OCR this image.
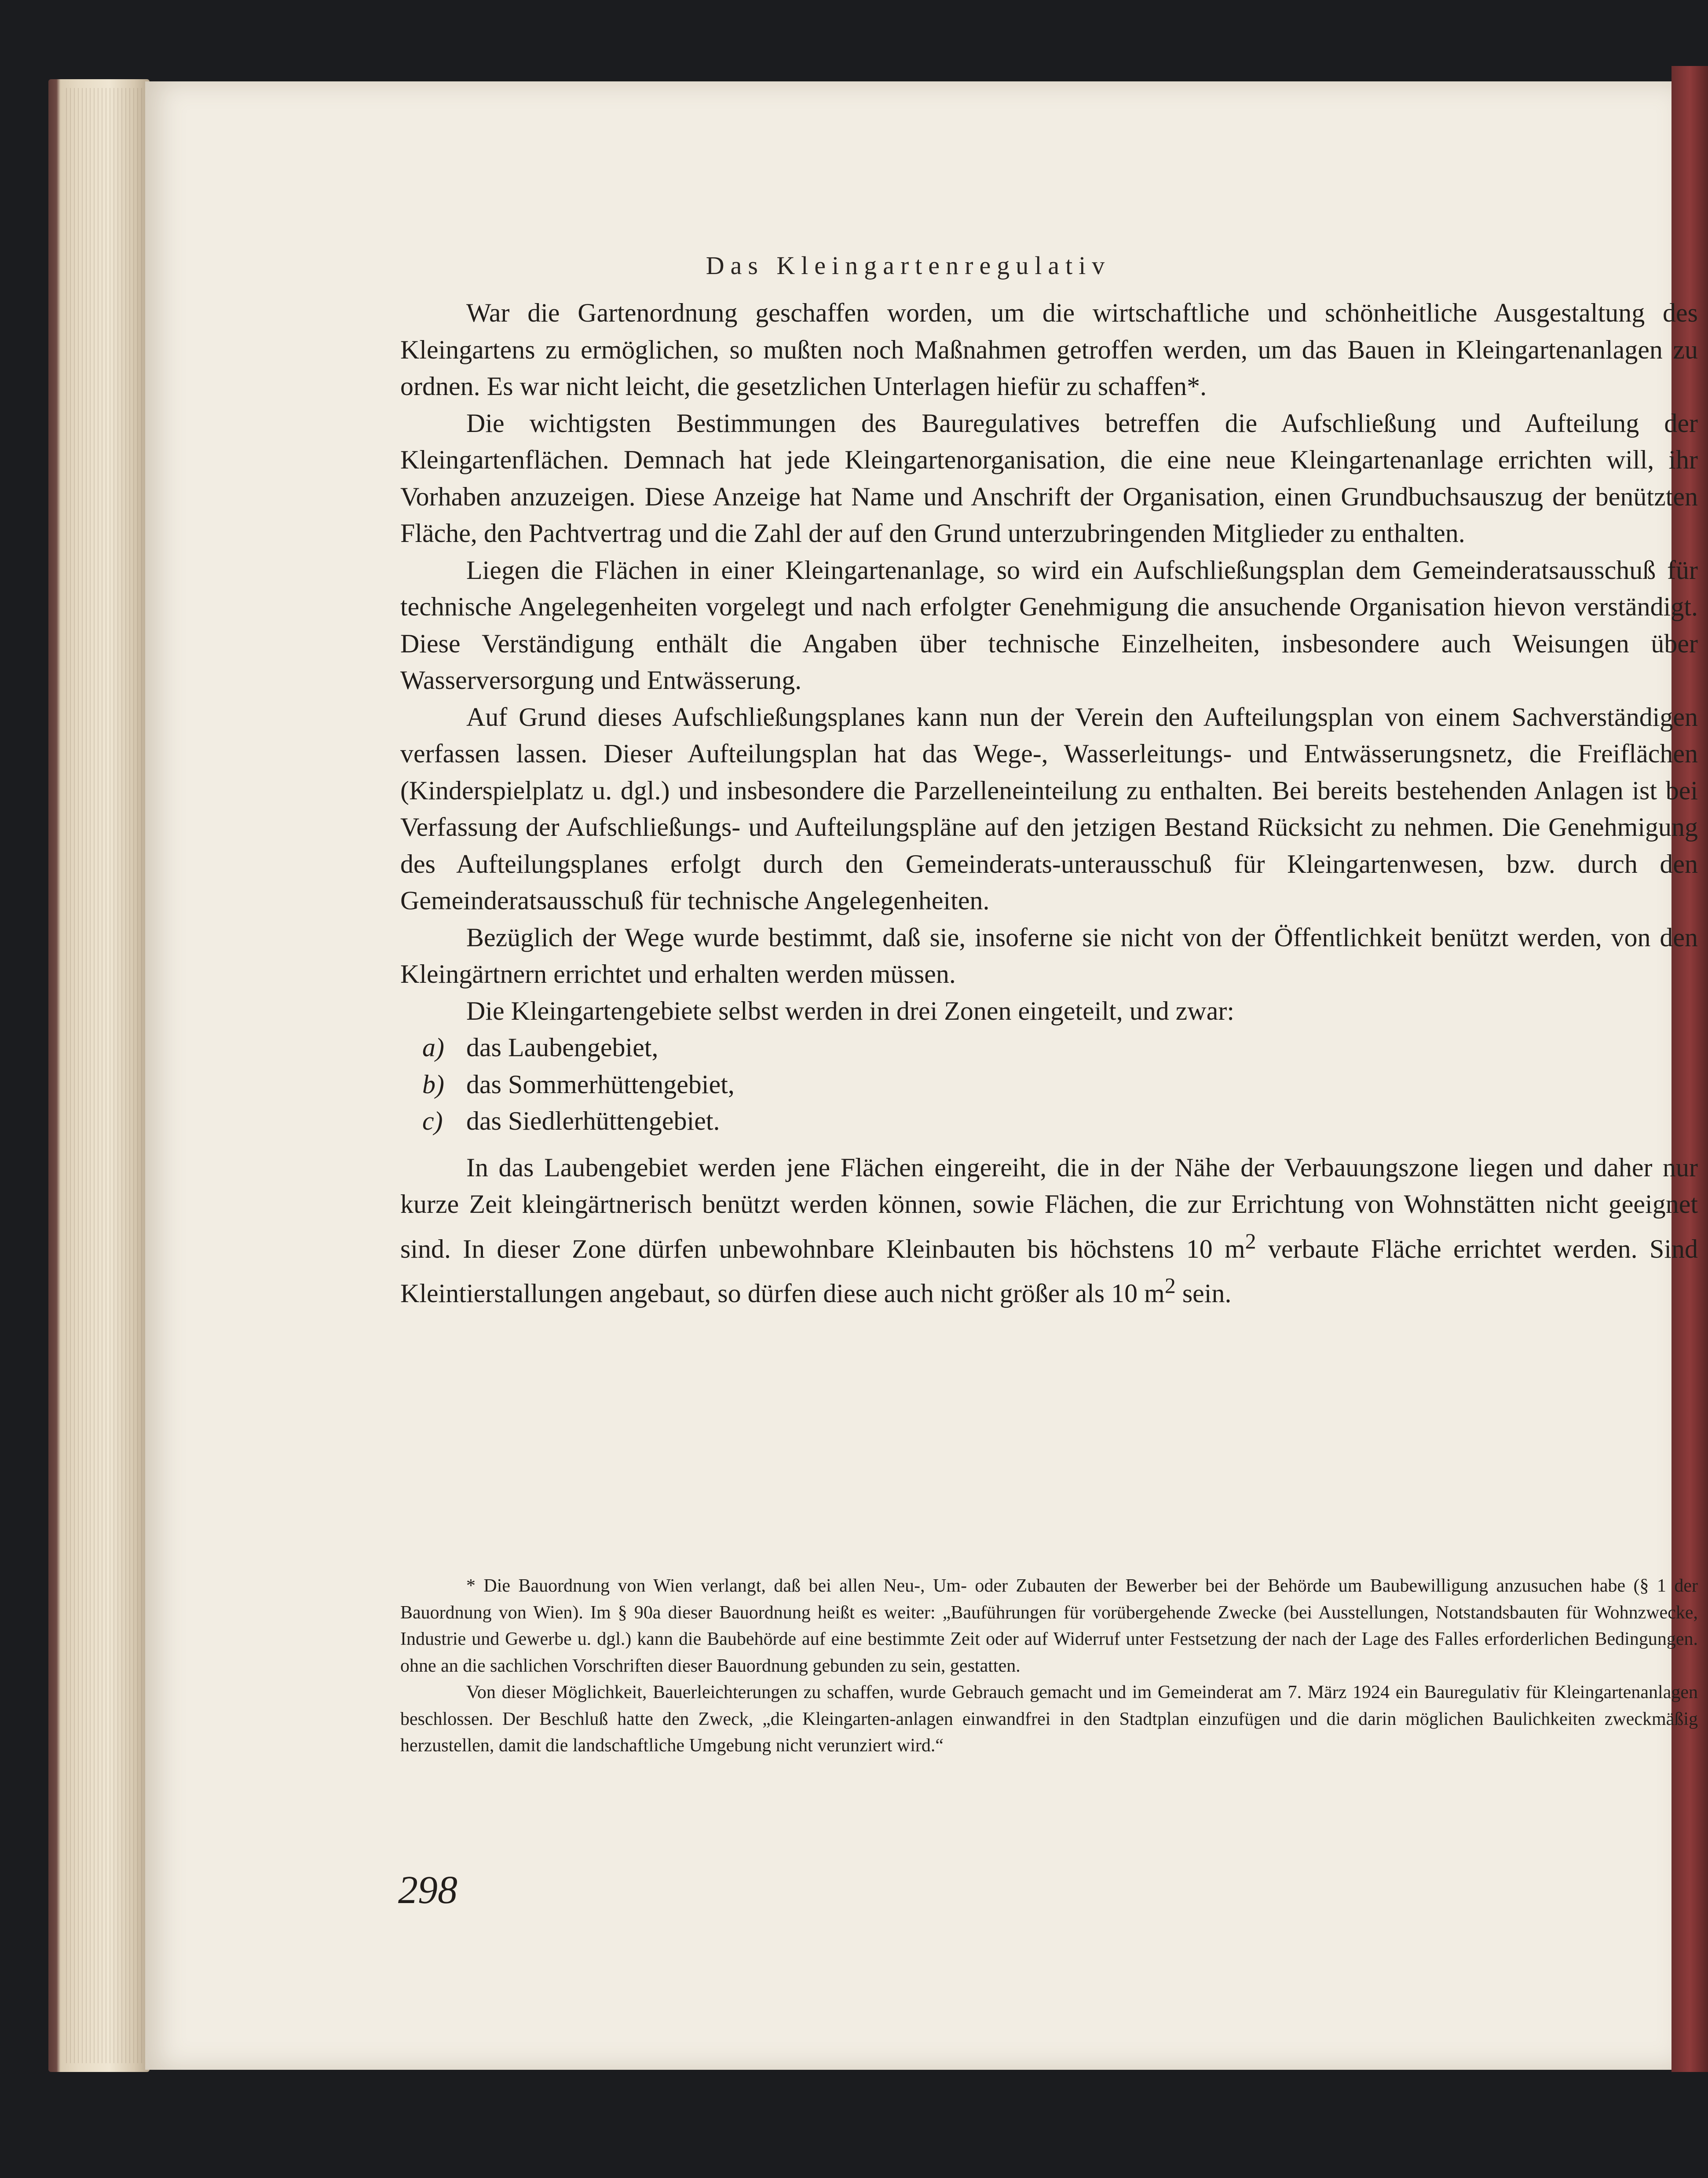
Das Kleingartenregulativ

War die Gartenordnung geschaffen worden, um die wirtschaftliche und schönheitliche Ausgestaltung des Kleingartens zu ermöglichen, so mußten noch Maßnahmen getroffen werden, um das Bauen in Kleingartenanlagen zu ordnen. Es war nicht leicht, die gesetzlichen Unterlagen hiefür zu schaffen*.

Die wichtigsten Bestimmungen des Bauregulatives betreffen die Aufschließung und Aufteilung der Kleingartenflächen. Demnach hat jede Kleingartenorganisation, die eine neue Kleingartenanlage errichten will, ihr Vorhaben anzuzeigen. Diese Anzeige hat Name und Anschrift der Organisation, einen Grundbuchsauszug der benützten Fläche, den Pachtvertrag und die Zahl der auf den Grund unterzubringenden Mitglieder zu enthalten.

Liegen die Flächen in einer Kleingartenanlage, so wird ein Aufschließungsplan dem Gemeinderatsausschuß für technische Angelegenheiten vorgelegt und nach erfolgter Genehmigung die ansuchende Organisation hievon verständigt. Diese Verständigung enthält die Angaben über technische Einzelheiten, insbesondere auch Weisungen über Wasserversorgung und Entwässerung.

Auf Grund dieses Aufschließungsplanes kann nun der Verein den Aufteilungsplan von einem Sachverständigen verfassen lassen. Dieser Aufteilungsplan hat das Wege-, Wasserleitungs- und Entwässerungsnetz, die Freiflächen (Kinderspielplatz u. dgl.) und insbesondere die Parzelleneinteilung zu enthalten. Bei bereits bestehenden Anlagen ist bei Verfassung der Aufschließungs- und Aufteilungspläne auf den jetzigen Bestand Rücksicht zu nehmen. Die Genehmigung des Aufteilungsplanes erfolgt durch den Gemeinderats-unterausschuß für Kleingartenwesen, bzw. durch den Gemeinderatsausschuß für technische Angelegenheiten.

Bezüglich der Wege wurde bestimmt, daß sie, insoferne sie nicht von der Öffentlichkeit benützt werden, von den Kleingärtnern errichtet und erhalten werden müssen.

Die Kleingartengebiete selbst werden in drei Zonen eingeteilt, und zwar:

a) das Laubengebiet,
b) das Sommerhüttengebiet,
c) das Siedlerhüttengebiet.

In das Laubengebiet werden jene Flächen eingereiht, die in der Nähe der Verbauungszone liegen und daher nur kurze Zeit kleingärtnerisch benützt werden können, sowie Flächen, die zur Errichtung von Wohnstätten nicht geeignet sind. In dieser Zone dürfen unbewohnbare Kleinbauten bis höchstens 10 $m^2$ verbaute Fläche errichtet werden. Sind Kleintierstallungen angebaut, so dürfen diese auch nicht größer als 10 $m^2$ sein.

* Die Bauordnung von Wien verlangt, daß bei allen Neu-, Um- oder Zubauten der Bewerber bei der Behörde um Baubewilligung anzusuchen habe (§ 1 der Bauordnung von Wien). Im § 90a dieser Bauordnung heißt es weiter: „Bauführungen für vorübergehende Zwecke (bei Ausstellungen, Notstandsbauten für Wohnzwecke, Industrie und Gewerbe u. dgl.) kann die Baubehörde auf eine bestimmte Zeit oder auf Widerruf unter Festsetzung der nach der Lage des Falles erforderlichen Bedingungen. ohne an die sachlichen Vorschriften dieser Bauordnung gebunden zu sein, gestatten.

Von dieser Möglichkeit, Bauerleichterungen zu schaffen, wurde Gebrauch gemacht und im Gemeinderat am 7. März 1924 ein Bauregulativ für Kleingartenanlagen beschlossen. Der Beschluß hatte den Zweck, „die Kleingarten-anlagen einwandfrei in den Stadtplan einzufügen und die darin möglichen Baulichkeiten zweckmäßig herzustellen, damit die landschaftliche Umgebung nicht verunziert wird.“

298
